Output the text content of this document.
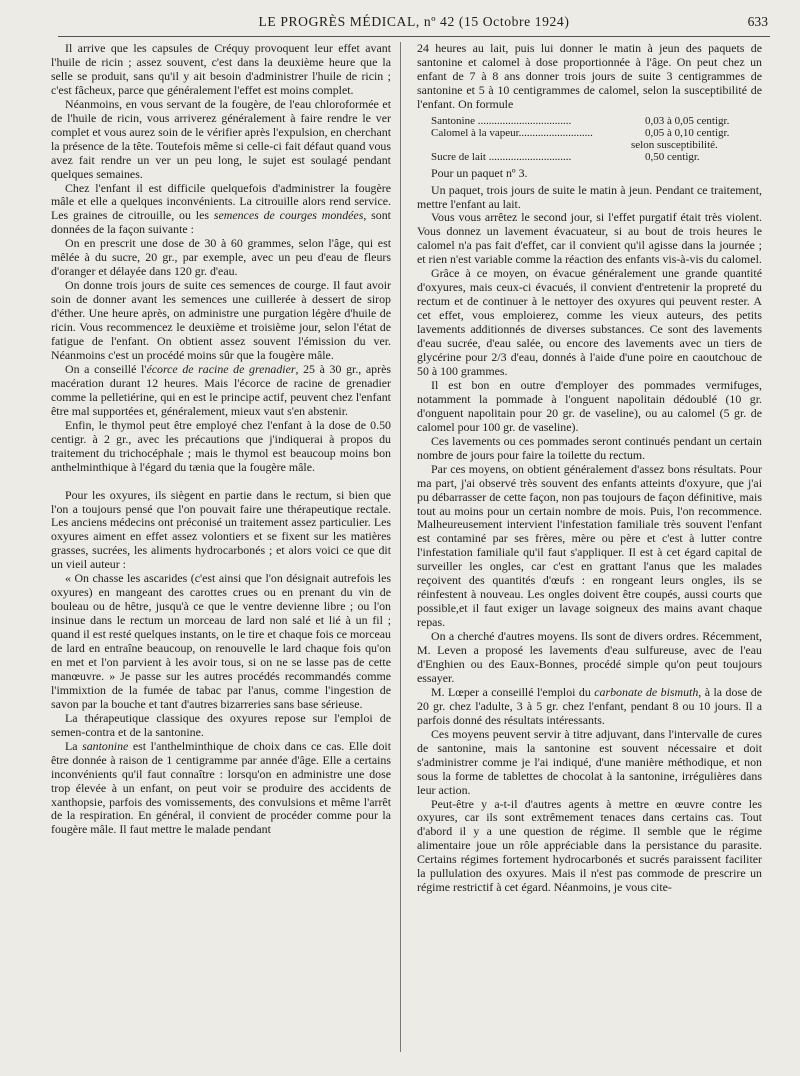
LE PROGRÈS MÉDICAL, nº 42 (15 Octobre 1924)	633

Il arrive que les capsules de Créquy provoquent leur effet avant l'huile de ricin ; assez souvent, c'est dans la deuxième heure que la selle se produit, sans qu'il y ait besoin d'administrer l'huile de ricin ; c'est fâcheux, parce que généralement l'effet est moins complet.

Néanmoins, en vous servant de la fougère, de l'eau chloroformée et de l'huile de ricin, vous arriverez généralement à faire rendre le ver complet et vous aurez soin de le vérifier après l'expulsion, en cherchant la présence de la tête. Toutefois même si celle-ci fait défaut quand vous avez fait rendre un ver un peu long, le sujet est soulagé pendant quelques semaines.

Chez l'enfant il est difficile quelquefois d'administrer la fougère mâle et elle a quelques inconvénients. La citrouille alors rend service. Les graines de citrouille, ou les semences de courges mondées, sont données de la façon suivante :

On en prescrit une dose de 30 à 60 grammes, selon l'âge, qui est mêlée à du sucre, 20 gr., par exemple, avec un peu d'eau de fleurs d'oranger et délayée dans 120 gr. d'eau.

On donne trois jours de suite ces semences de courge. Il faut avoir soin de donner avant les semences une cuillerée à dessert de sirop d'éther. Une heure après, on administre une purgation légère d'huile de ricin. Vous recommencez le deuxième et troisième jour, selon l'état de fatigue de l'enfant. On obtient assez souvent l'émission du ver. Néanmoins c'est un procédé moins sûr que la fougère mâle.

On a conseillé l'écorce de racine de grenadier, 25 à 30 gr., après macération durant 12 heures. Mais l'écorce de racine de grenadier comme la pelletiérine, qui en est le principe actif, peuvent chez l'enfant être mal supportées et, généralement, mieux vaut s'en abstenir.

Enfin, le thymol peut être employé chez l'enfant à la dose de 0.50 centigr. à 2 gr., avec les précautions que j'indiquerai à propos du traitement du trichocéphale ; mais le thymol est beaucoup moins bon anthelminthique à l'égard du tænia que la fougère mâle.

Pour les oxyures, ils siègent en partie dans le rectum, si bien que l'on a toujours pensé que l'on pouvait faire une thérapeutique rectale. Les anciens médecins ont préconisé un traitement assez particulier. Les oxyures aiment en effet assez volontiers et se fixent sur les matières grasses, sucrées, les aliments hydrocarbonés ; et alors voici ce que dit un vieil auteur :

« On chasse les ascarides (c'est ainsi que l'on désignait autrefois les oxyures) en mangeant des carottes crues ou en prenant du vin de bouleau ou de hêtre, jusqu'à ce que le ventre devienne libre ; ou l'on insinue dans le rectum un morceau de lard non salé et lié à un fil ; quand il est resté quelques instants, on le tire et chaque fois ce morceau de lard en entraîne beaucoup, on renouvelle le lard chaque fois qu'on en met et l'on parvient à les avoir tous, si on ne se lasse pas de cette manœuvre. » Je passe sur les autres procédés recommandés comme l'immixtion de la fumée de tabac par l'anus, comme l'ingestion de savon par la bouche et tant d'autres bizarreries sans base sérieuse.

La thérapeutique classique des oxyures repose sur l'emploi de semen-contra et de la santonine.

La santonine est l'anthelminthique de choix dans ce cas. Elle doit être donnée à raison de 1 centigramme par année d'âge. Elle a certains inconvénients qu'il faut connaître : lorsqu'on en administre une dose trop élevée à un enfant, on peut voir se produire des accidents de xanthopsie, parfois des vomissements, des convulsions et même l'arrêt de la respiration. En général, il convient de procéder comme pour la fougère mâle. Il faut mettre le malade pendant

24 heures au lait, puis lui donner le matin à jeun des paquets de santonine et calomel à dose proportionnée à l'âge. On peut chez un enfant de 7 à 8 ans donner trois jours de suite 3 centigrammes de santonine et 5 à 10 centigrammes de calomel, selon la susceptibilité de l'enfant. On formule

Santonine ..................................	0,03 à 0,05 centigr.
Calomel à la vapeur...........................	0,05 à 0,10 centigr.
selon susceptibilité.
Sucre de lait ..............................	0,50 centigr.
Pour un paquet nº 3.

Un paquet, trois jours de suite le matin à jeun. Pendant ce traitement, mettre l'enfant au lait.

Vous vous arrêtez le second jour, si l'effet purgatif était très violent. Vous donnez un lavement évacuateur, si au bout de trois heures le calomel n'a pas fait d'effet, car il convient qu'il agisse dans la journée ; et rien n'est variable comme la réaction des enfants vis-à-vis du calomel.

Grâce à ce moyen, on évacue généralement une grande quantité d'oxyures, mais ceux-ci évacués, il convient d'entretenir la propreté du rectum et de continuer à le nettoyer des oxyures qui peuvent rester. A cet effet, vous emploierez, comme les vieux auteurs, des petits lavements additionnés de diverses substances. Ce sont des lavements d'eau sucrée, d'eau salée, ou encore des lavements avec un tiers de glycérine pour 2/3 d'eau, donnés à l'aide d'une poire en caoutchouc de 50 à 100 grammes.

Il est bon en outre d'employer des pommades vermifuges, notamment la pommade à l'onguent napolitain dédoublé (10 gr. d'onguent napolitain pour 20 gr. de vaseline), ou au calomel (5 gr. de calomel pour 100 gr. de vaseline).

Ces lavements ou ces pommades seront continués pendant un certain nombre de jours pour faire la toilette du rectum.

Par ces moyens, on obtient généralement d'assez bons résultats. Pour ma part, j'ai observé très souvent des enfants atteints d'oxyure, que j'ai pu débarrasser de cette façon, non pas toujours de façon définitive, mais tout au moins pour un certain nombre de mois. Puis, l'on recommence. Malheureusement intervient l'infestation familiale très souvent l'enfant est contaminé par ses frères, mère ou père et c'est à lutter contre l'infestation familiale qu'il faut s'appliquer. Il est à cet égard capital de surveiller les ongles, car c'est en grattant l'anus que les malades reçoivent des quantités d'œufs : en rongeant leurs ongles, ils se réinfestent à nouveau. Les ongles doivent être coupés, aussi courts que possible,et il faut exiger un lavage soigneux des mains avant chaque repas.

On a cherché d'autres moyens. Ils sont de divers ordres. Récemment, M. Leven a proposé les lavements d'eau sulfureuse, avec de l'eau d'Enghien ou des Eaux-Bonnes, procédé simple qu'on peut toujours essayer.

M. Lœper a conseillé l'emploi du carbonate de bismuth, à la dose de 20 gr. chez l'adulte, 3 à 5 gr. chez l'enfant, pendant 8 ou 10 jours. Il a parfois donné des résultats intéressants.

Ces moyens peuvent servir à titre adjuvant, dans l'intervalle de cures de santonine, mais la santonine est souvent nécessaire et doit s'administrer comme je l'ai indiqué, d'une manière méthodique, et non sous la forme de tablettes de chocolat à la santonine, irrégulières dans leur action.

Peut-être y a-t-il d'autres agents à mettre en œuvre contre les oxyures, car ils sont extrêmement tenaces dans certains cas. Tout d'abord il y a une question de régime. Il semble que le régime alimentaire joue un rôle appréciable dans la persistance du parasite. Certains régimes fortement hydrocarbonés et sucrés paraissent faciliter la pullulation des oxyures. Mais il n'est pas commode de prescrire un régime restrictif à cet égard. Néanmoins, je vous cite-
